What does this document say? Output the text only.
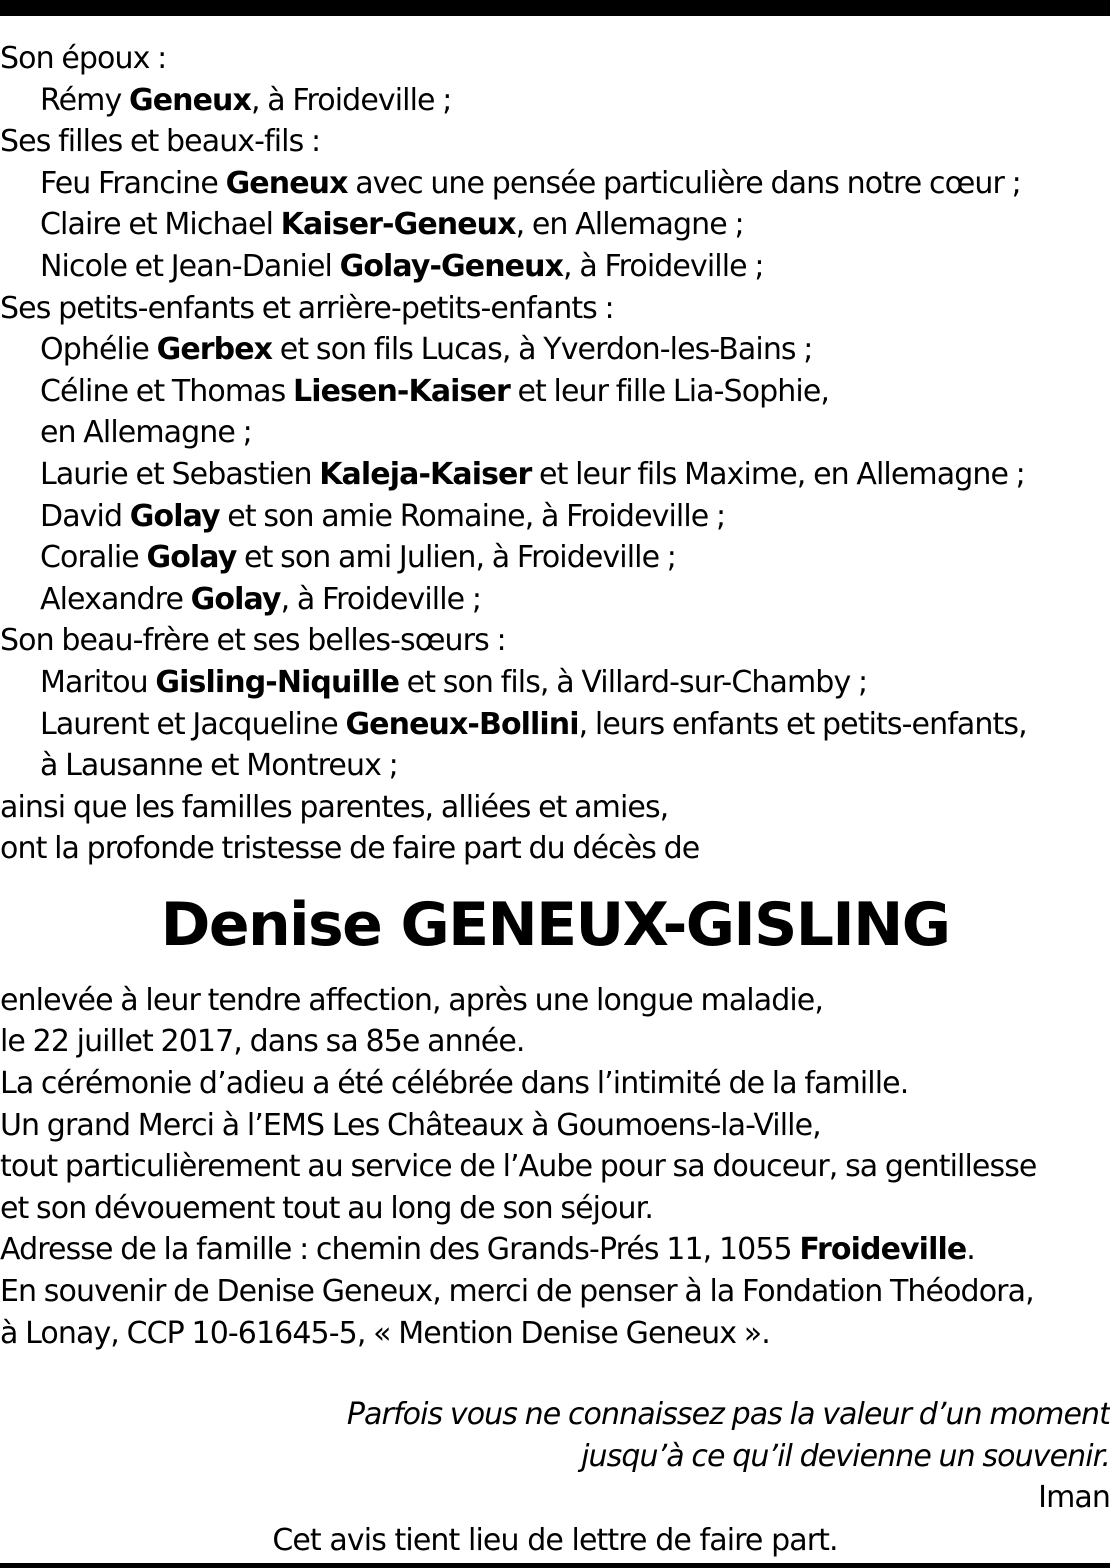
Son époux :
Rémy Geneux, à Froideville ;
Ses filles et beaux-fils :
Feu Francine Geneux avec une pensée particulière dans notre cœur ;
Claire et Michael Kaiser-Geneux, en Allemagne ;
Nicole et Jean-Daniel Golay-Geneux, à Froideville ;
Ses petits-enfants et arrière-petits-enfants :
Ophélie Gerbex et son fils Lucas, à Yverdon-les-Bains ;
Céline et Thomas Liesen-Kaiser et leur fille Lia-Sophie,
en Allemagne ;
Laurie et Sebastien Kaleja-Kaiser et leur fils Maxime, en Allemagne ;
David Golay et son amie Romaine, à Froideville ;
Coralie Golay et son ami Julien, à Froideville ;
Alexandre Golay, à Froideville ;
Son beau-frère et ses belles-sœurs :
Maritou Gisling-Niquille et son fils, à Villard-sur-Chamby ;
Laurent et Jacqueline Geneux-Bollini, leurs enfants et petits-enfants,
à Lausanne et Montreux ;
ainsi que les familles parentes, alliées et amies,
ont la profonde tristesse de faire part du décès de
Denise GENEUX-GISLING
enlevée à leur tendre affection, après une longue maladie,
le 22 juillet 2017, dans sa 85e année.
La cérémonie d’adieu a été célébrée dans l’intimité de la famille.
Un grand Merci à l’EMS Les Châteaux à Goumoens-la-Ville,
tout particulièrement au service de l’Aube pour sa douceur, sa gentillesse
et son dévouement tout au long de son séjour.
Adresse de la famille : chemin des Grands-Prés 11, 1055 Froideville.
En souvenir de Denise Geneux, merci de penser à la Fondation Théodora,
à Lonay, CCP 10-61645-5, « Mention Denise Geneux ».
Parfois vous ne connaissez pas la valeur d’un moment
jusqu’à ce qu’il devienne un souvenir.
Iman
Cet avis tient lieu de lettre de faire part.
